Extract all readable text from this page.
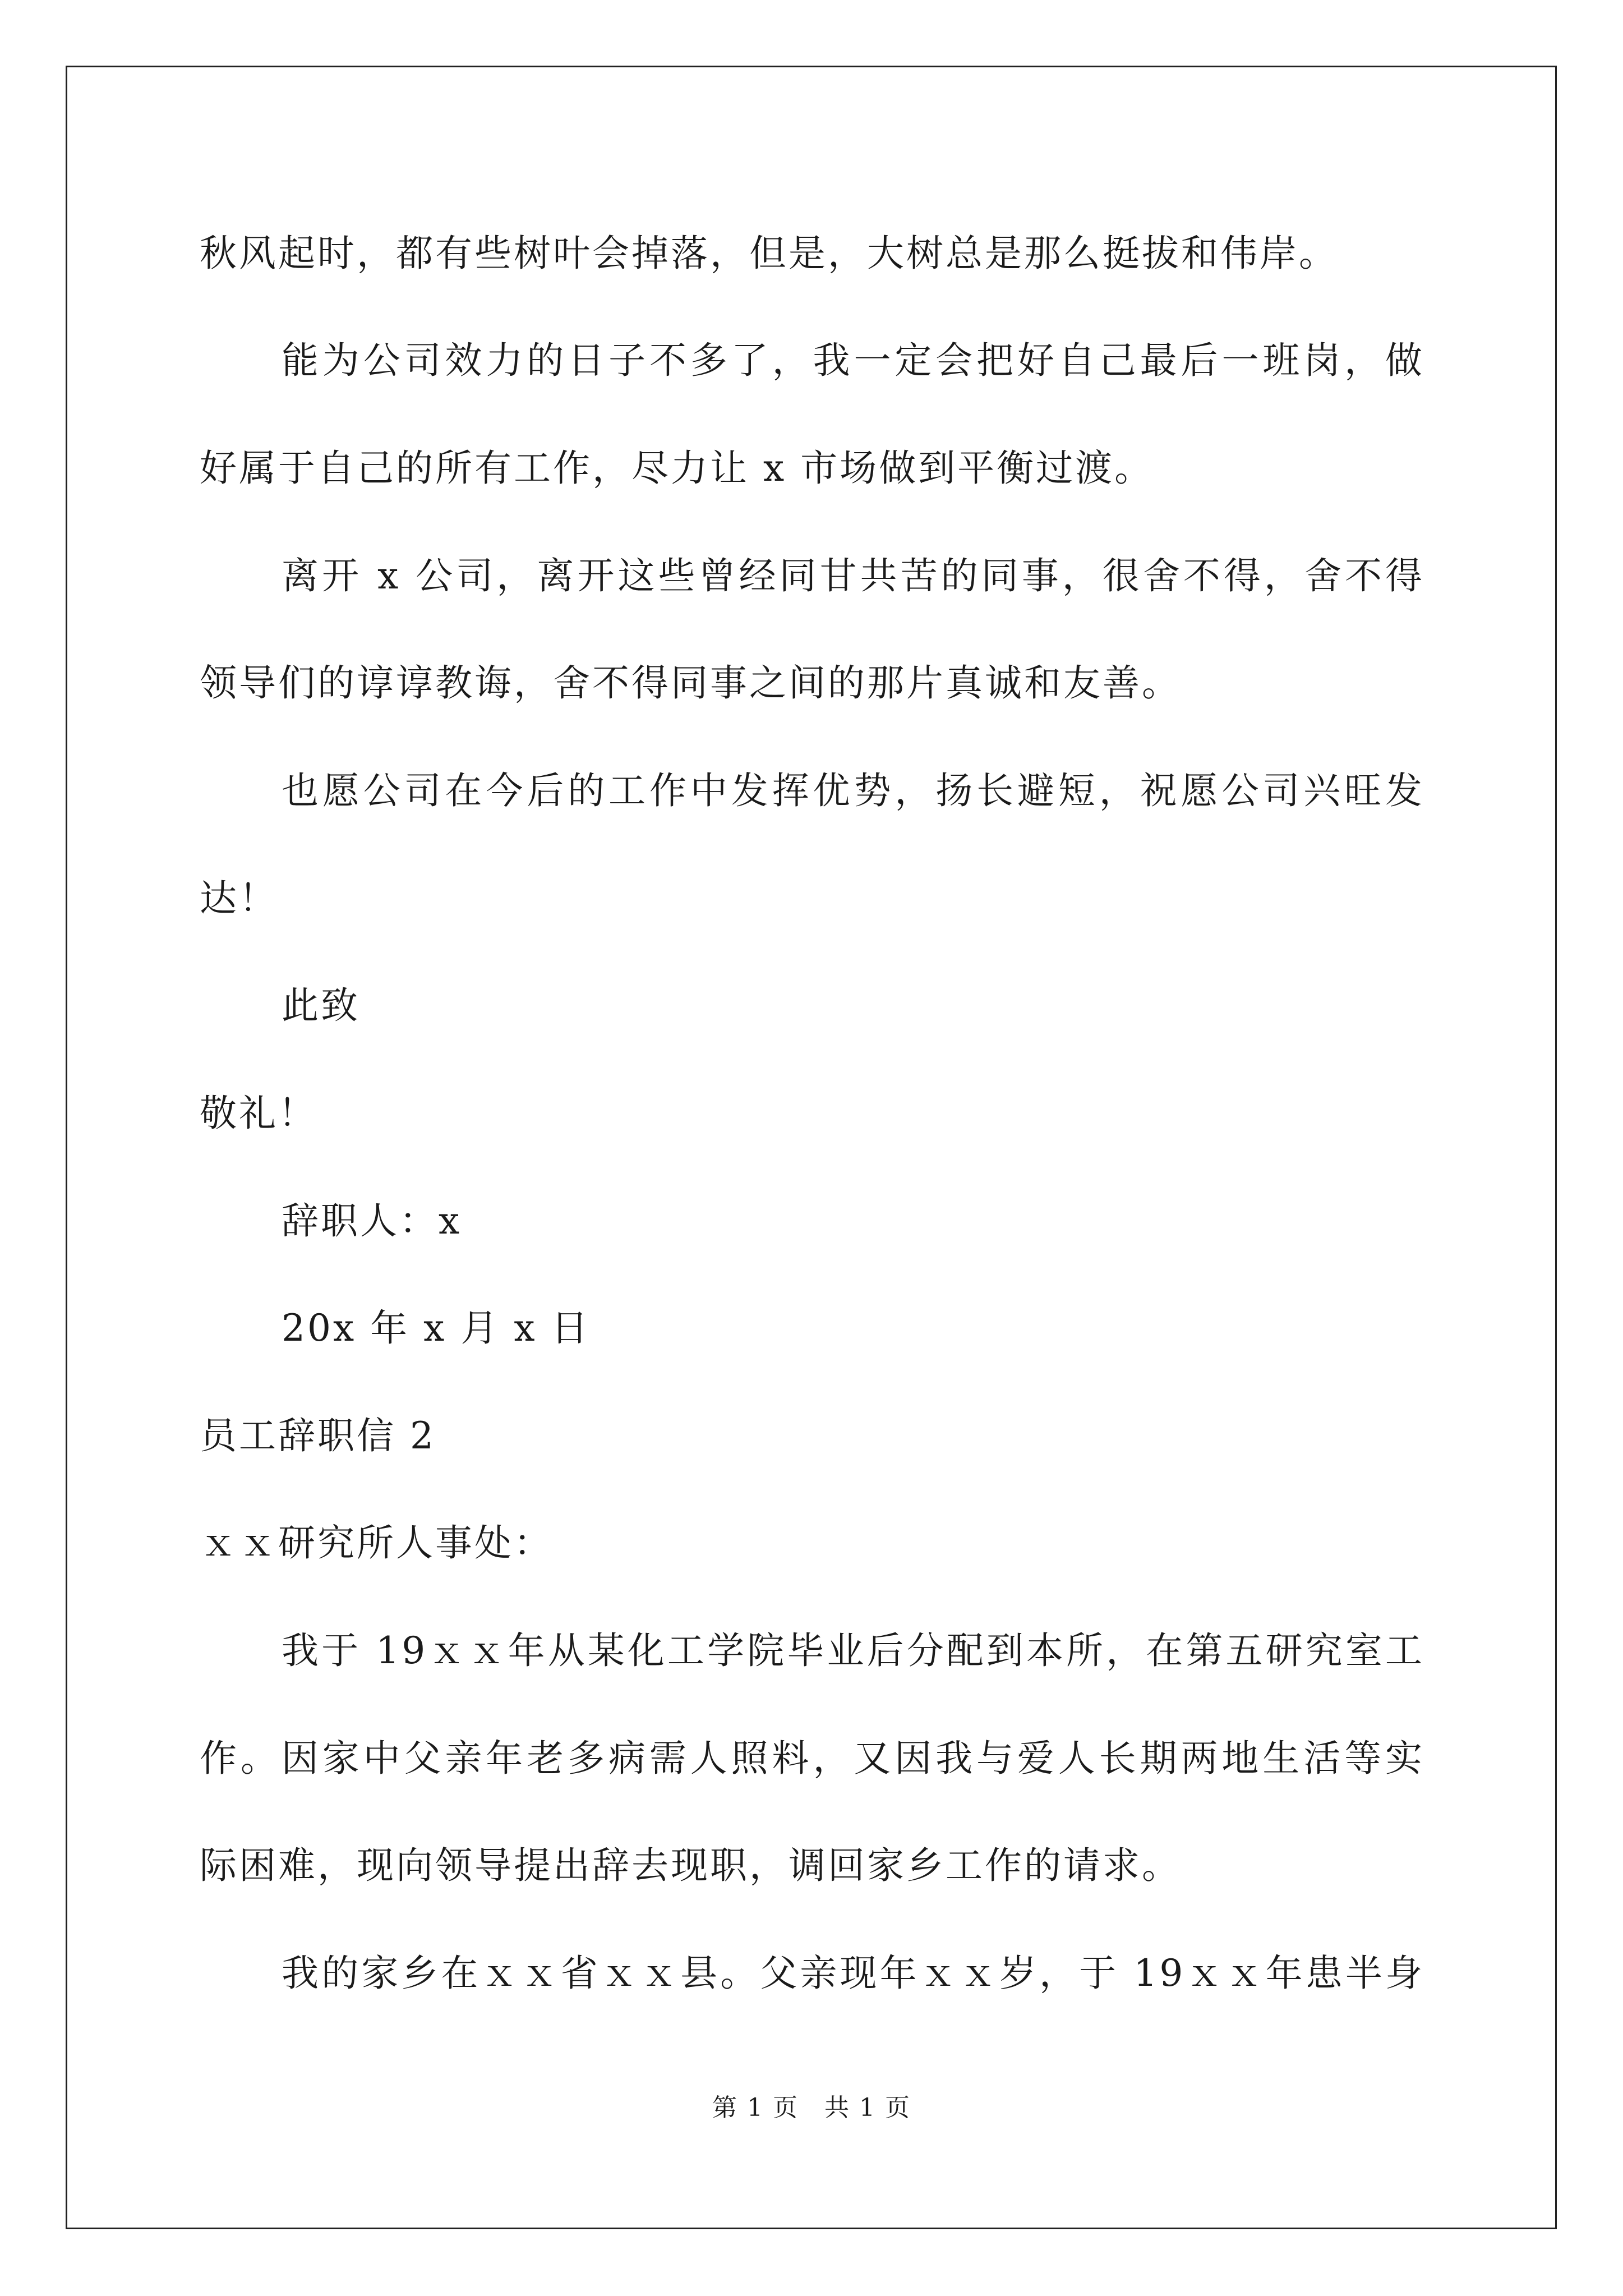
秋风起时，都有些树叶会掉落，但是，大树总是那么挺拔和伟岸。
能为公司效力的日子不多了，我一定会把好自己最后一班岗，做
好属于自己的所有工作，尽力让 x 市场做到平衡过渡。
离开 x 公司，离开这些曾经同甘共苦的同事，很舍不得，舍不得
领导们的谆谆教诲，舍不得同事之间的那片真诚和友善。
也愿公司在今后的工作中发挥优势，扬长避短，祝愿公司兴旺发
达！
此致
敬礼！
辞职人：x
20x 年 x 月 x 日
员工辞职信 2
ｘｘ研究所人事处：
我于 19ｘｘ年从某化工学院毕业后分配到本所，在第五研究室工
作。因家中父亲年老多病需人照料，又因我与爱人长期两地生活等实
际困难，现向领导提出辞去现职，调回家乡工作的请求。
我的家乡在ｘｘ省ｘｘ县。父亲现年ｘｘ岁，于 19ｘｘ年患半身
第 1 页　共 1 页
